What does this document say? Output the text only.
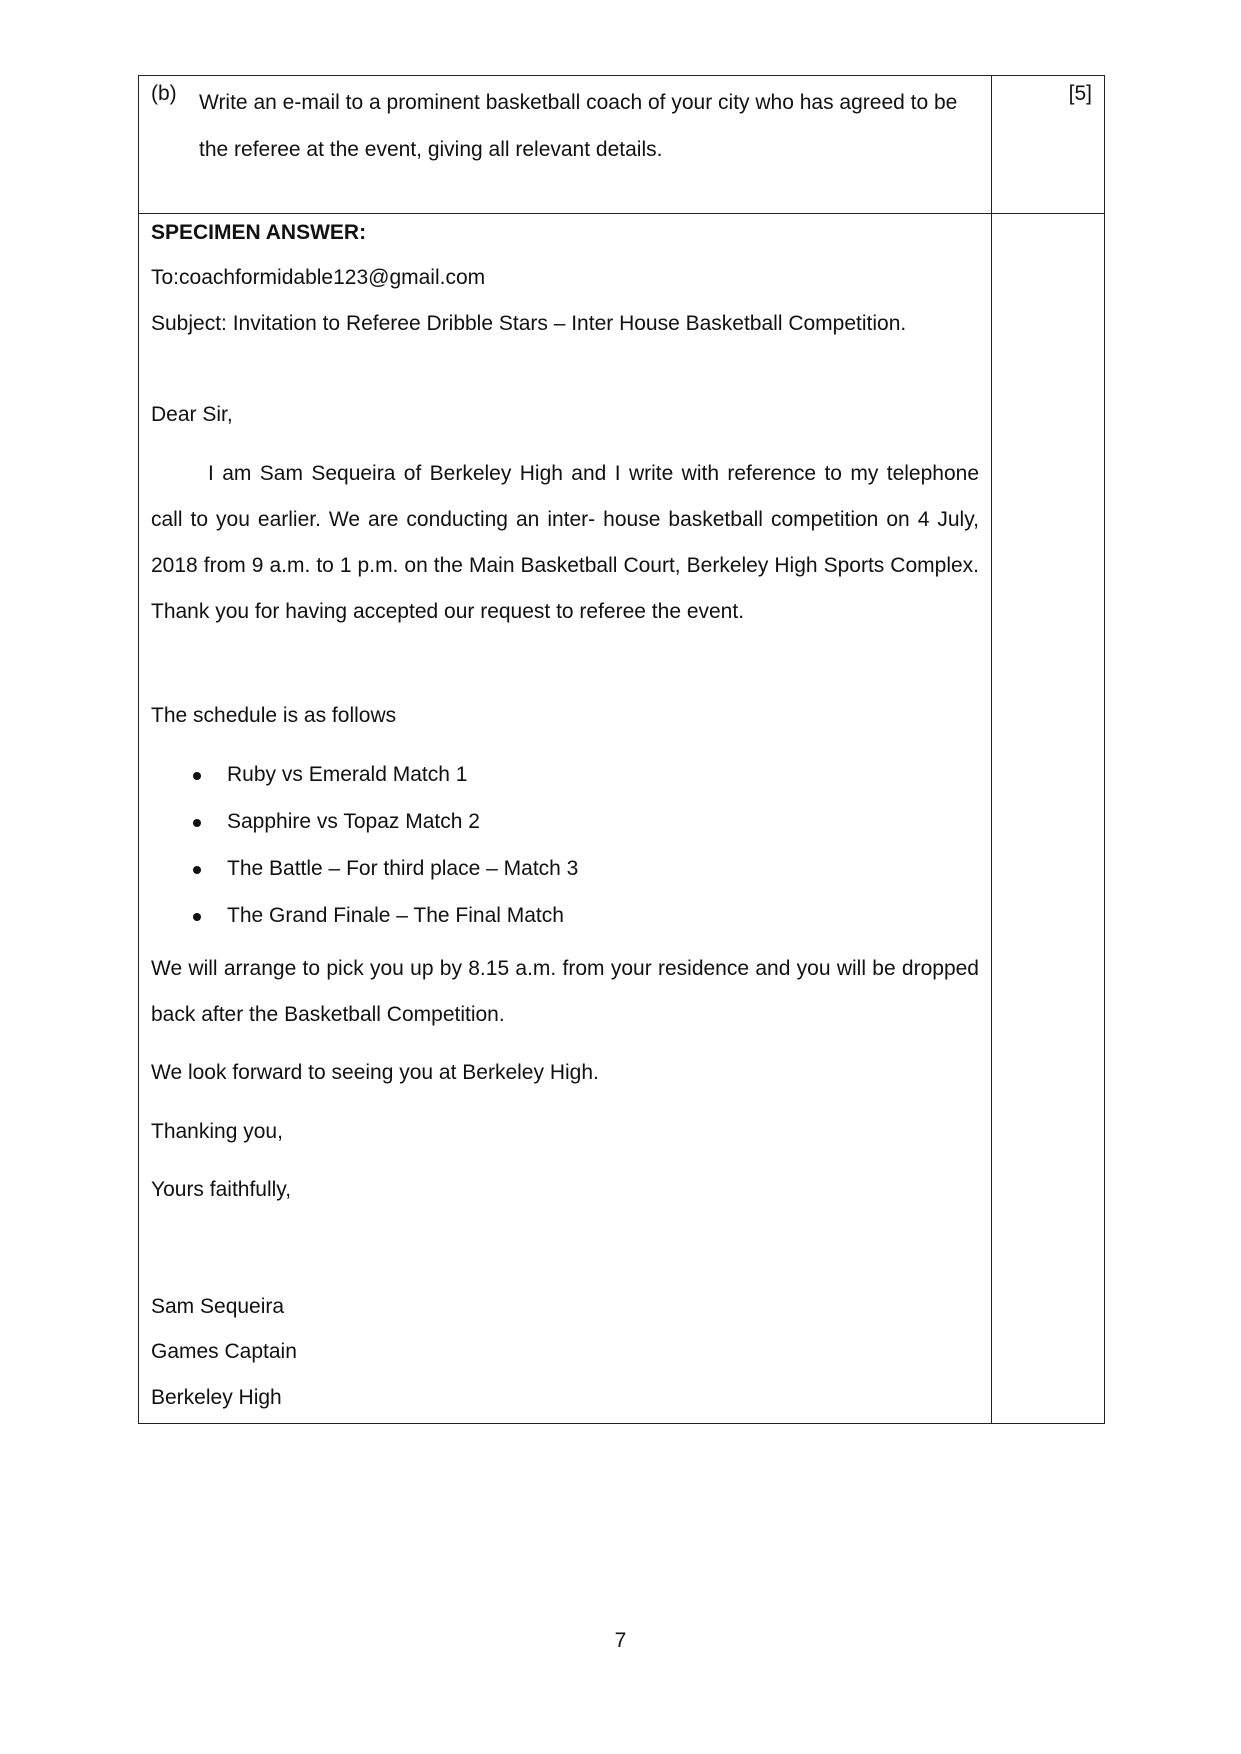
(b) Write an e-mail to a prominent basketball coach of your city who has agreed to be the referee at the event, giving all relevant details.
[5]
SPECIMEN ANSWER:
To:coachformidable123@gmail.com
Subject: Invitation to Referee Dribble Stars – Inter House Basketball Competition.
Dear Sir,
I am Sam Sequeira of Berkeley High and I write with reference to my telephone call to you earlier. We are conducting an inter- house basketball competition on 4 July, 2018 from 9 a.m. to 1 p.m. on the Main Basketball Court, Berkeley High Sports Complex. Thank you for having accepted our request to referee the event.
The schedule is as follows
Ruby vs Emerald Match 1
Sapphire vs Topaz Match 2
The Battle – For third place – Match 3
The Grand Finale – The Final Match
We will arrange to pick you up by 8.15 a.m. from your residence and you will be dropped back after the Basketball Competition.
We look forward to seeing you at Berkeley High.
Thanking you,
Yours faithfully,
Sam Sequeira
Games Captain
Berkeley High
7
